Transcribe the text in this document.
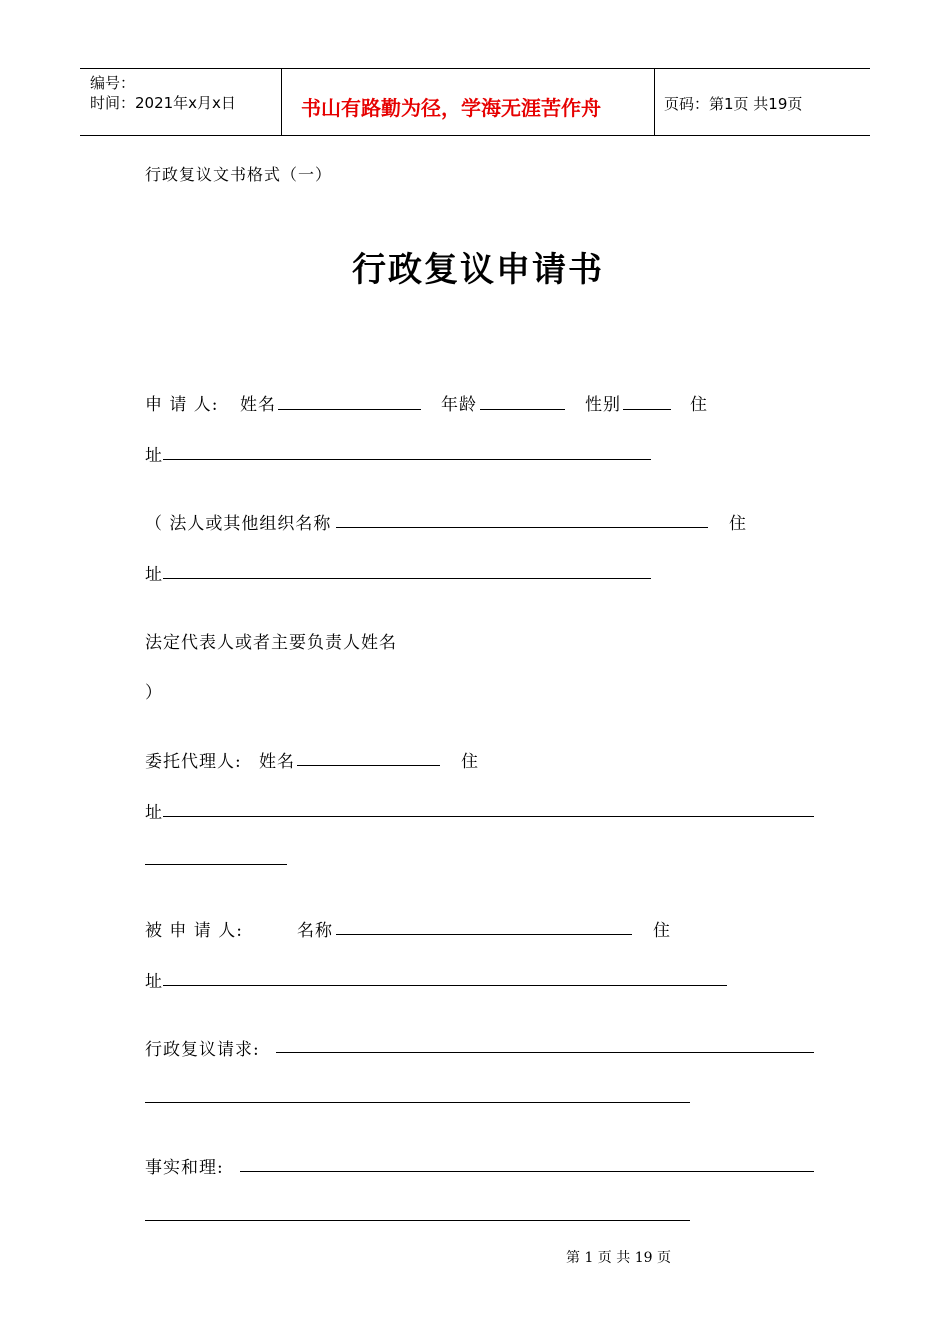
编号：
时间：2021年x月x日	书山有路勤为径，学海无涯苦作舟	页码：第1页 共19页
行政复议文书格式（一）
行政复议申请书
申 请 人: 姓名	年龄	性别	住
址
（ 法人或其他组织名称	住
址
法定代表人或者主要负责人姓名
）
委托代理人: 姓名	住
址
被 申 请 人:	名称	住
址
行政复议请求:
事实和理:
第 1 页 共 19 页
